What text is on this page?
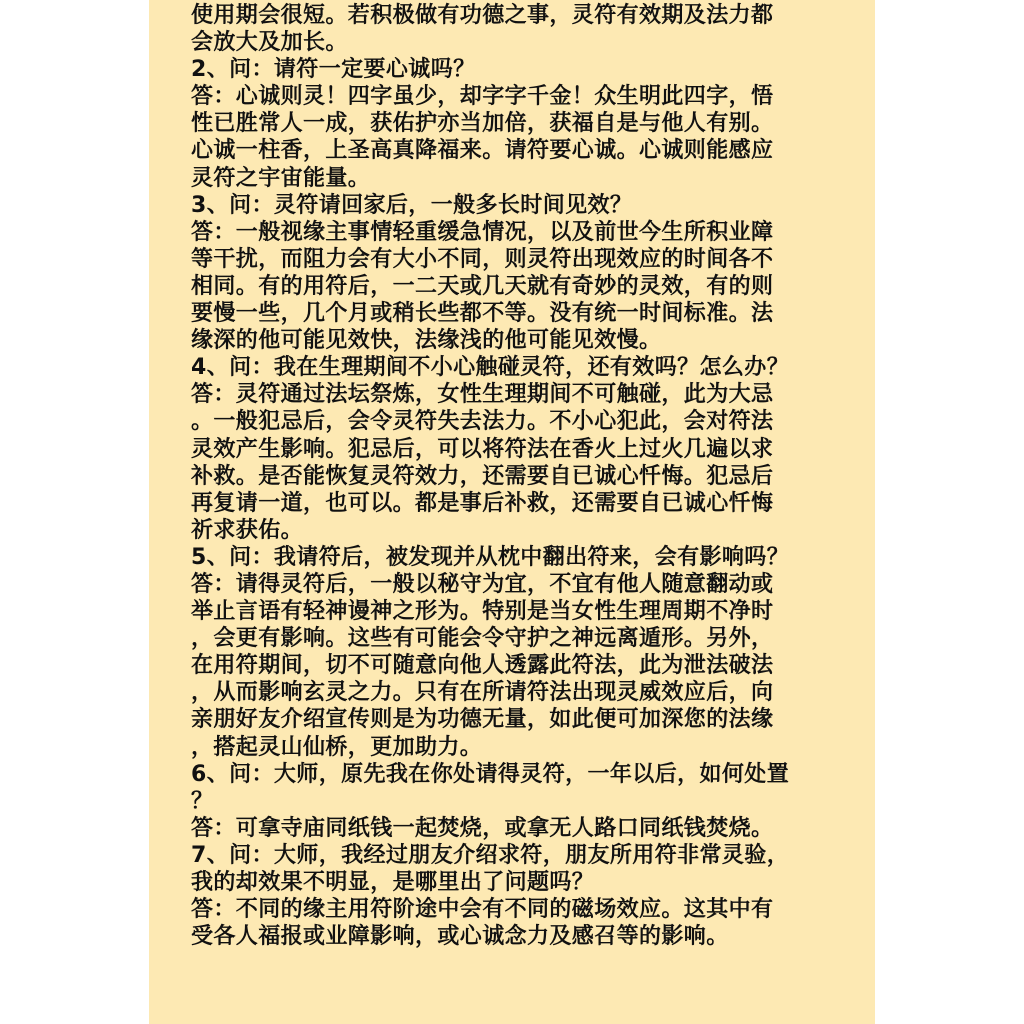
使用期会很短。若积极做有功德之事，灵符有效期及法力都
会放大及加长。
2、问：请符一定要心诚吗？
答：心诚则灵！四字虽少，却字字千金！众生明此四字，悟
性已胜常人一成，获佑护亦当加倍，获福自是与他人有别。
心诚一柱香，上圣高真降福来。请符要心诚。心诚则能感应
灵符之宇宙能量。
3、问：灵符请回家后，一般多长时间见效？
答：一般视缘主事情轻重缓急情况，以及前世今生所积业障
等干扰，而阻力会有大小不同，则灵符出现效应的时间各不
相同。有的用符后，一二天或几天就有奇妙的灵效，有的则
要慢一些，几个月或稍长些都不等。没有统一时间标准。法
缘深的他可能见效快，法缘浅的他可能见效慢。
4、问：我在生理期间不小心触碰灵符，还有效吗？怎么办？
答：灵符通过法坛祭炼，女性生理期间不可触碰，此为大忌
。一般犯忌后，会令灵符失去法力。不小心犯此，会对符法
灵效产生影响。犯忌后，可以将符法在香火上过火几遍以求
补救。是否能恢复灵符效力，还需要自已诚心忏悔。犯忌后
再复请一道，也可以。都是事后补救，还需要自已诚心忏悔
祈求获佑。
5、问：我请符后，被发现并从枕中翻出符来，会有影响吗？
答：请得灵符后，一般以秘守为宜，不宜有他人随意翻动或
举止言语有轻神谩神之形为。特别是当女性生理周期不净时
，会更有影响。这些有可能会令守护之神远离遁形。另外，
在用符期间，切不可随意向他人透露此符法，此为泄法破法
，从而影响玄灵之力。只有在所请符法出现灵威效应后，向
亲朋好友介绍宣传则是为功德无量，如此便可加深您的法缘
，搭起灵山仙桥，更加助力。
6、问：大师，原先我在你处请得灵符，一年以后，如何处置
？
答：可拿寺庙同纸钱一起焚烧，或拿无人路口同纸钱焚烧。
7、问：大师，我经过朋友介绍求符，朋友所用符非常灵验，
我的却效果不明显，是哪里出了问题吗？
答：不同的缘主用符阶途中会有不同的磁场效应。这其中有
受各人福报或业障影响，或心诚念力及感召等的影响。
